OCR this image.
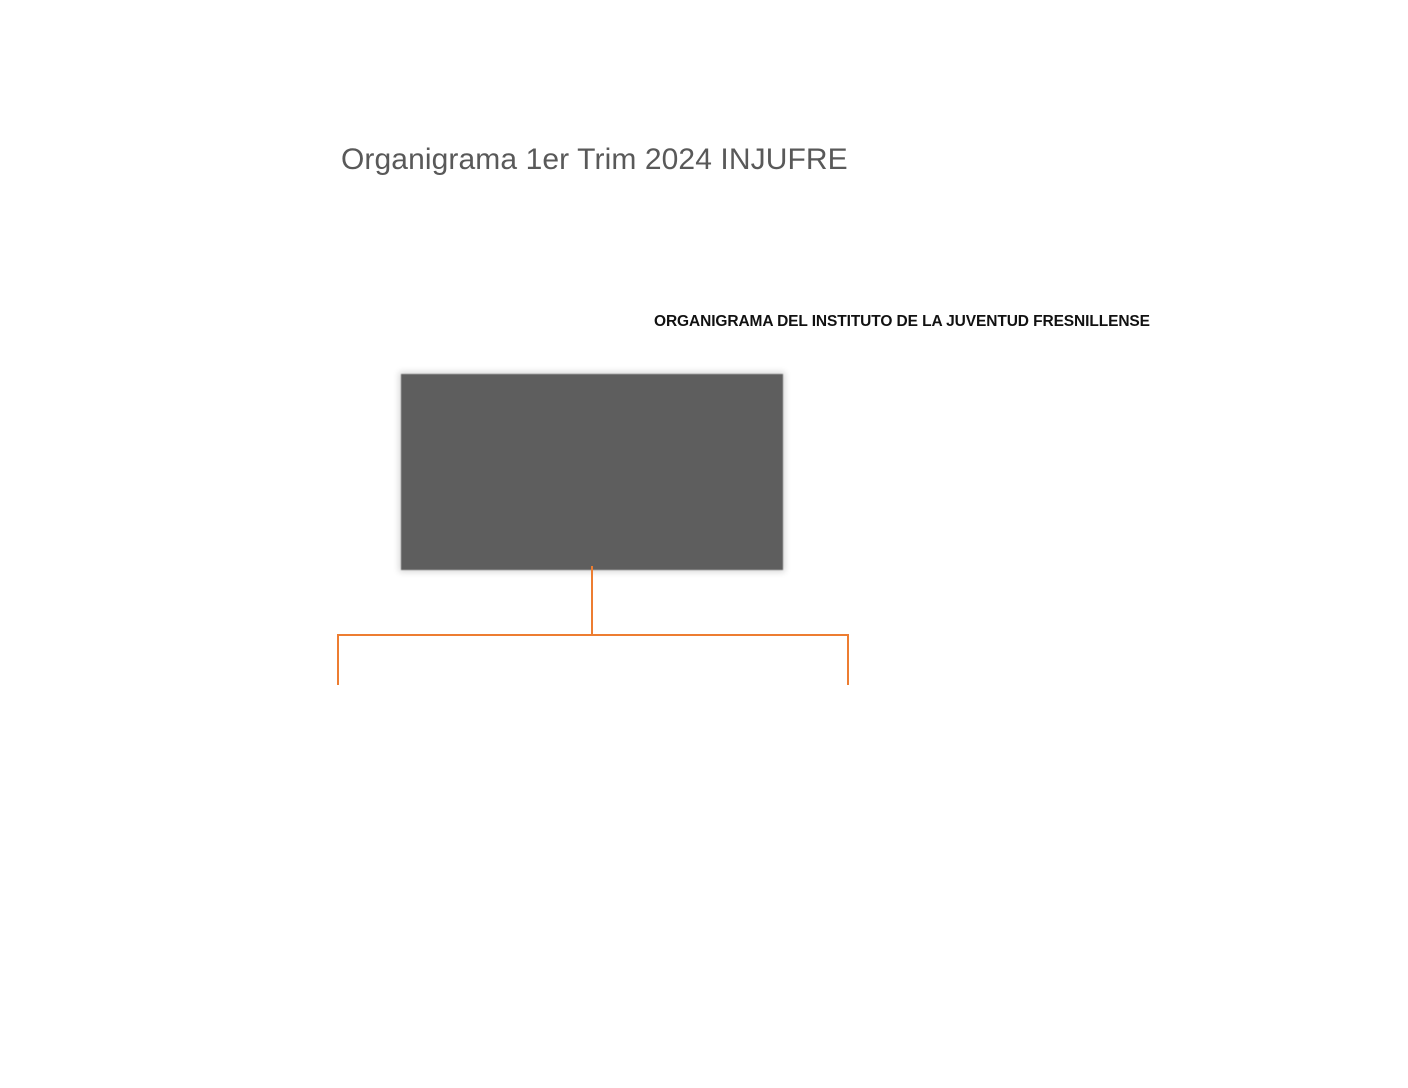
Organigrama 1er Trim 2024 INJUFRE
ORGANIGRAMA DEL INSTITUTO DE LA JUVENTUD FRESNILLENSE
